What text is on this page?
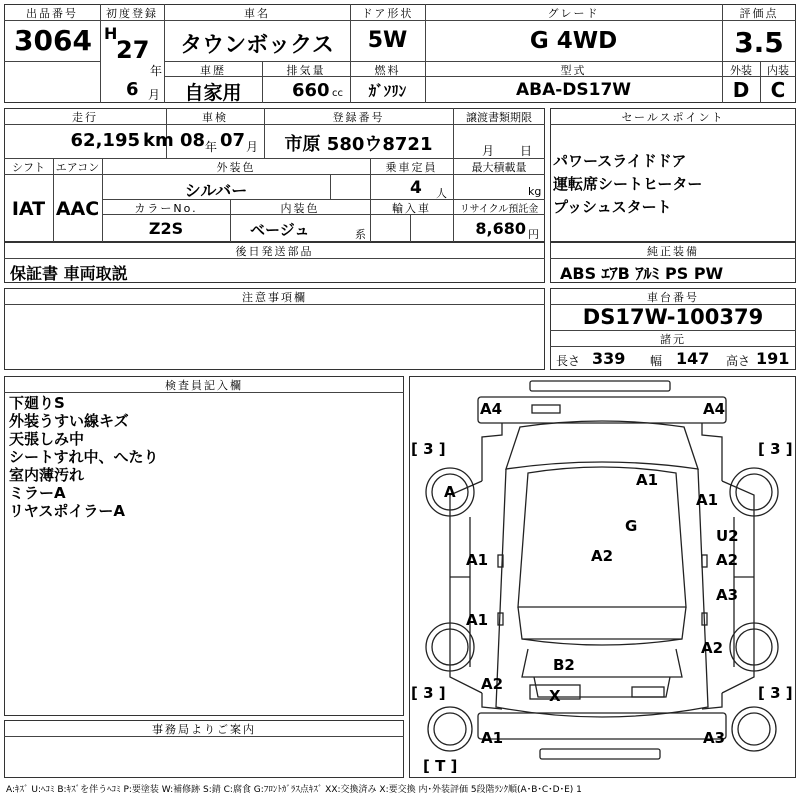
出品番号
3064
初度登録
H
27
年
6 月
車名
タウンボックス
ドア形状
5W
グレード
G 4WD
評価点
3.5
車歴
自家用
排気量
660 cc
燃料
ｶﾞｿﾘﾝ
型式
ABA-DS17W
外装
D
内装
C
走行
62,195 km
車検
08 年 07 月
登録番号
市原 580ウ8721
譲渡書類期限
月 日
シフト
IAT
エアコン
AAC
外装色
シルバー
乗車定員
4 人
最大積載量
kg
カラーNo.
Z2S
内装色
ベージュ	系
輸入車	リサイクル預託金
8,680 円
セールスポイント
パワースライドドア
運転席シートヒーター
プッシュスタート
後日発送部品
保証書 車両取説
純正装備
ABS ｴｱB ｱﾙﾐ PS PW
注意事項欄	車台番号
DS17W-100379
諸元
長さ 339 幅 147 高さ 191
検査員記入欄
下廻りS
外装うすい線キズ
天張しみ中
シートすれ中、へたり
室内薄汚れ
ミラーA
リヤスポイラーA
事務局よりご案内
[ 3 ]	[ 3 ]
[ 3 ]	[ 3 ]
[ T ]
A4	A4
A
A1
A1
G
U2
A1	A2	A2
A3
A1
A2
B2
A2
X
A1	A3
A:ｷｽﾞ U:ﾍｺﾐ B:ｷｽﾞを伴うﾍｺﾐ P:要塗装 W:補修跡 S:錆 C:腐食 G:ﾌﾛﾝﾄｶﾞﾗｽ点ｷｽﾞ XX:交換済み X:要交換 内･外装評価 5段階ﾗﾝｸ順(A･B･C･D･E) 1
